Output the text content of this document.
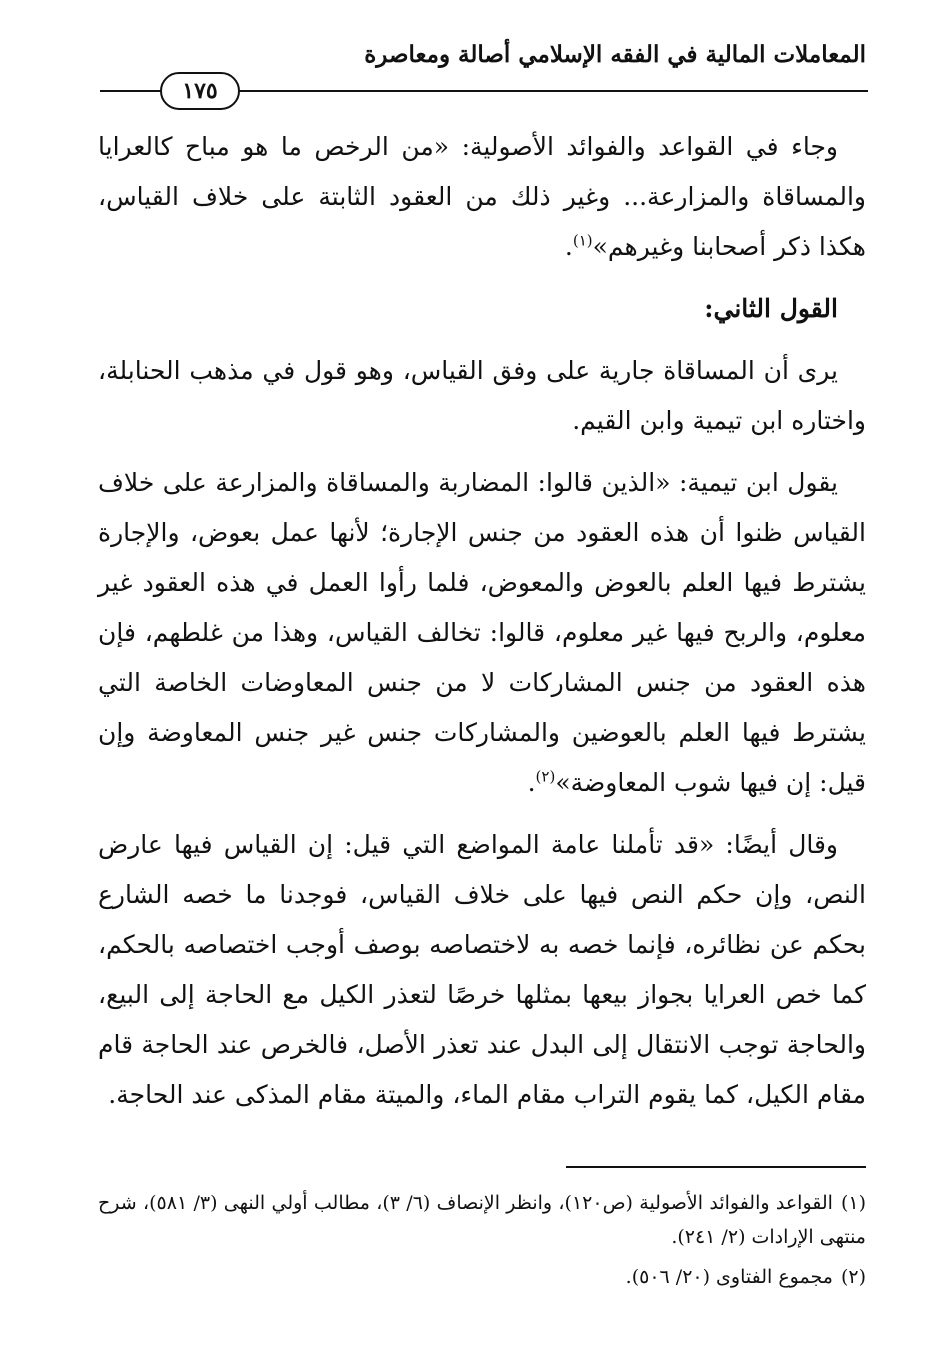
المعاملات المالية في الفقه الإسلامي أصالة ومعاصرة
١٧٥

وجاء في القواعد والفوائد الأصولية: «من الرخص ما هو مباح كالعرايا والمساقاة والمزارعة... وغير ذلك من العقود الثابتة على خلاف القياس، هكذا ذكر أصحابنا وغيرهم»$^{(١)}$.

القول الثاني:

يرى أن المساقاة جارية على وفق القياس، وهو قول في مذهب الحنابلة، واختاره ابن تيمية وابن القيم.

يقول ابن تيمية: «الذين قالوا: المضاربة والمساقاة والمزارعة على خلاف القياس ظنوا أن هذه العقود من جنس الإجارة؛ لأنها عمل بعوض، والإجارة يشترط فيها العلم بالعوض والمعوض، فلما رأوا العمل في هذه العقود غير معلوم، والربح فيها غير معلوم، قالوا: تخالف القياس، وهذا من غلطهم، فإن هذه العقود من جنس المشاركات لا من جنس المعاوضات الخاصة التي يشترط فيها العلم بالعوضين والمشاركات جنس غير جنس المعاوضة وإن قيل: إن فيها شوب المعاوضة»$^{(٢)}$.

وقال أيضًا: «قد تأملنا عامة المواضع التي قيل: إن القياس فيها عارض النص، وإن حكم النص فيها على خلاف القياس، فوجدنا ما خصه الشارع بحكم عن نظائره، فإنما خصه به لاختصاصه بوصف أوجب اختصاصه بالحكم، كما خص العرايا بجواز بيعها بمثلها خرصًا لتعذر الكيل مع الحاجة إلى البيع، والحاجة توجب الانتقال إلى البدل عند تعذر الأصل، فالخرص عند الحاجة قام مقام الكيل، كما يقوم التراب مقام الماء، والميتة مقام المذكى عند الحاجة.

(١)القواعد والفوائد الأصولية (ص١٢٠)، وانظر الإنصاف (٦/ ٣)، مطالب أولي النهى (٣/ ٥٨١)، شرح منتهى الإرادات (٢/ ٢٤١).
(٢)مجموع الفتاوى (٢٠/ ٥٠٦).
